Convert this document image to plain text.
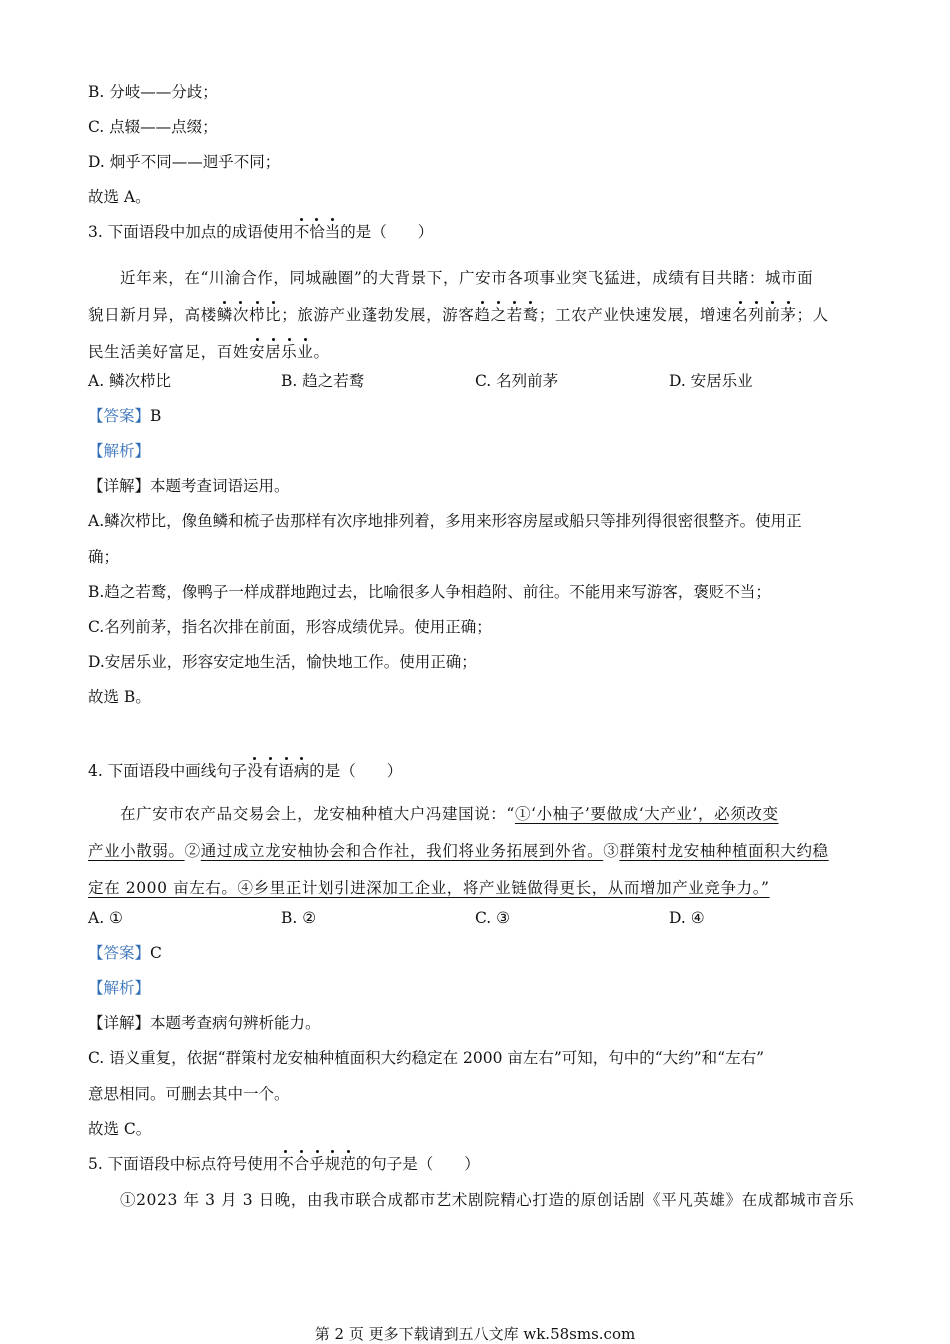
B. 分岐——分歧；
C. 点辍——点缀；
D. 炯乎不同——迥乎不同；
故选 A。
3. 下面语段中加点的成语使用不恰当的是（　　）
近年来，在“川渝合作，同城融圈”的大背景下，广安市各项事业突飞猛进，成绩有目共睹：城市面
貌日新月异，高楼鳞次栉比；旅游产业蓬勃发展，游客趋之若鹜；工农产业快速发展，增速名列前茅；人
民生活美好富足，百姓安居乐业。
A. 鳞次栉比	B. 趋之若鹜	C. 名列前茅	D. 安居乐业
【答案】B
【解析】
【详解】本题考查词语运用。
A.鳞次栉比，像鱼鳞和梳子齿那样有次序地排列着，多用来形容房屋或船只等排列得很密很整齐。使用正
确；
B.趋之若鹜，像鸭子一样成群地跑过去，比喻很多人争相趋附、前往。不能用来写游客，褒贬不当；
C.名列前茅，指名次排在前面，形容成绩优异。使用正确；
D.安居乐业，形容安定地生活，愉快地工作。使用正确；
故选 B。
4. 下面语段中画线句子没有语病的是（　　）
在广安市农产品交易会上，龙安柚种植大户冯建国说：“①‘小柚子’要做成‘大产业’，必须改变
产业小散弱。②通过成立龙安柚协会和合作社，我们将业务拓展到外省。③群策村龙安柚种植面积大约稳
定在 2000 亩左右。④乡里正计划引进深加工企业，将产业链做得更长，从而增加产业竞争力。”
A. ①	B. ②	C. ③	D. ④
【答案】C
【解析】
【详解】本题考查病句辨析能力。
C. 语义重复，依据“群策村龙安柚种植面积大约稳定在 2000 亩左右”可知，句中的“大约”和“左右”
意思相同。可删去其中一个。
故选 C。
5. 下面语段中标点符号使用不合乎规范的句子是（　　）
①2023 年 3 月 3 日晚，由我市联合成都市艺术剧院精心打造的原创话剧《平凡英雄》在成都城市音乐
第 2 页 更多下载请到五八文库 wk.58sms.com
